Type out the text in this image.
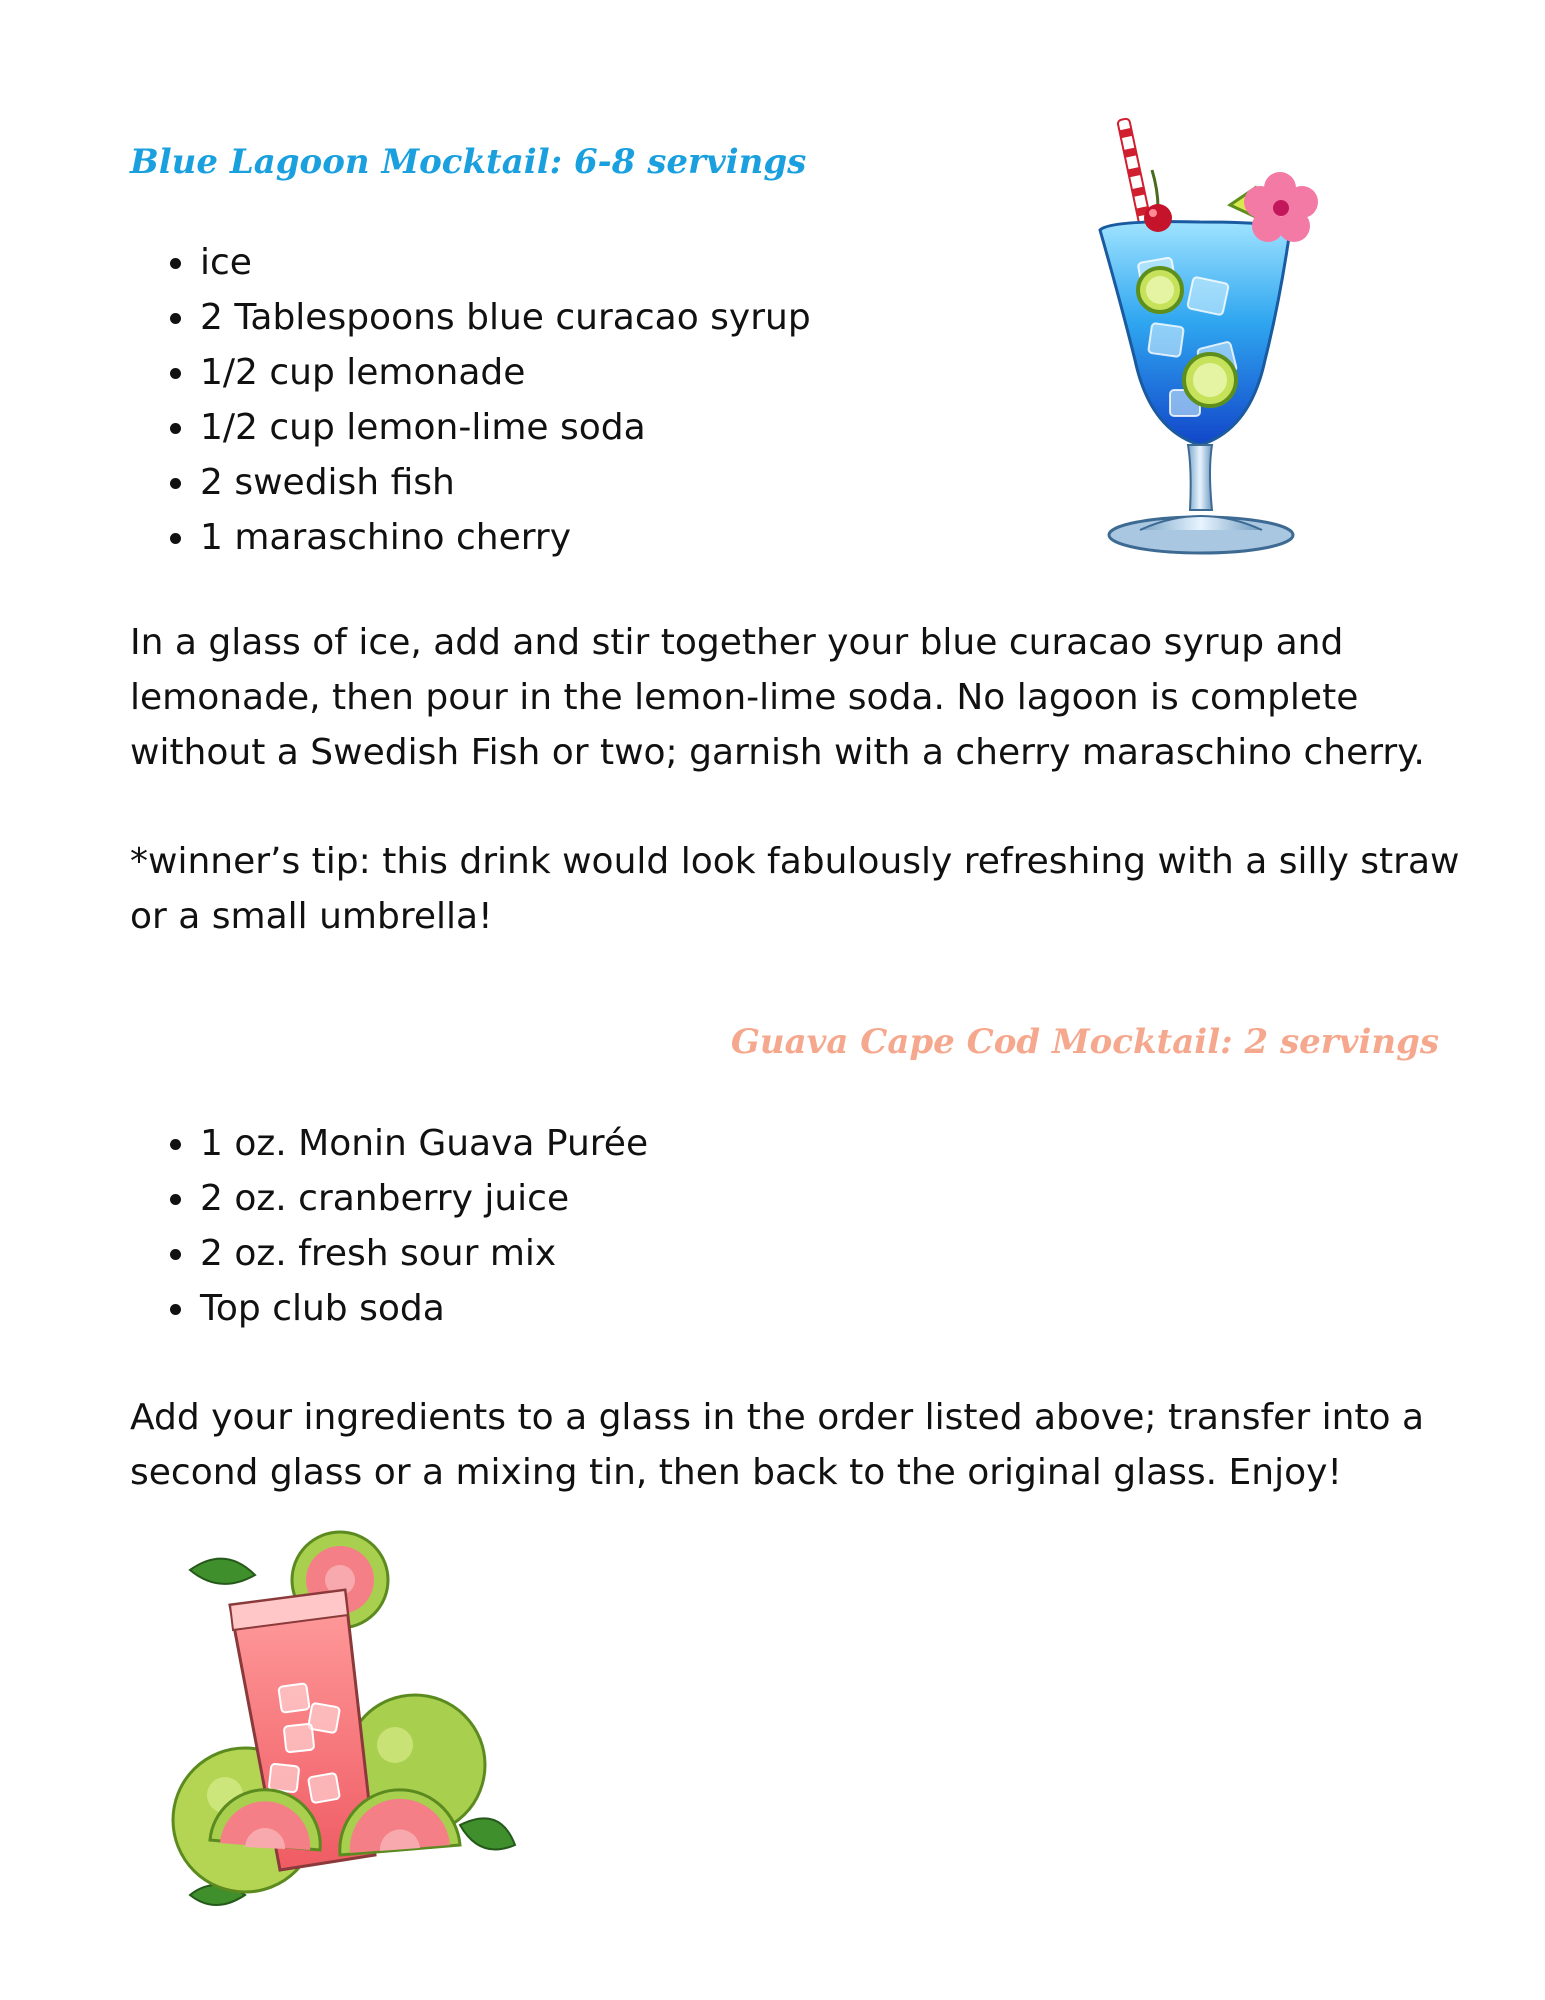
Blue Lagoon Mocktail: 6-8 servings
• ice
• 2 Tablespoons blue curacao syrup
• 1/2 cup lemonade
• 1/2 cup lemon-lime soda
• 2 swedish fish
• 1 maraschino cherry

In a glass of ice, add and stir together your blue curacao syrup and lemonade, then pour in the lemon-lime soda. No lagoon is complete without a Swedish Fish or two; garnish with a cherry maraschino cherry.

*winner’s tip: this drink would look fabulously refreshing with a silly straw or a small umbrella!

Guava Cape Cod Mocktail: 2 servings
• 1 oz. Monin Guava Purée
• 2 oz. cranberry juice
• 2 oz. fresh sour mix
• Top club soda

Add your ingredients to a glass in the order listed above; transfer into a second glass or a mixing tin, then back to the original glass. Enjoy!
